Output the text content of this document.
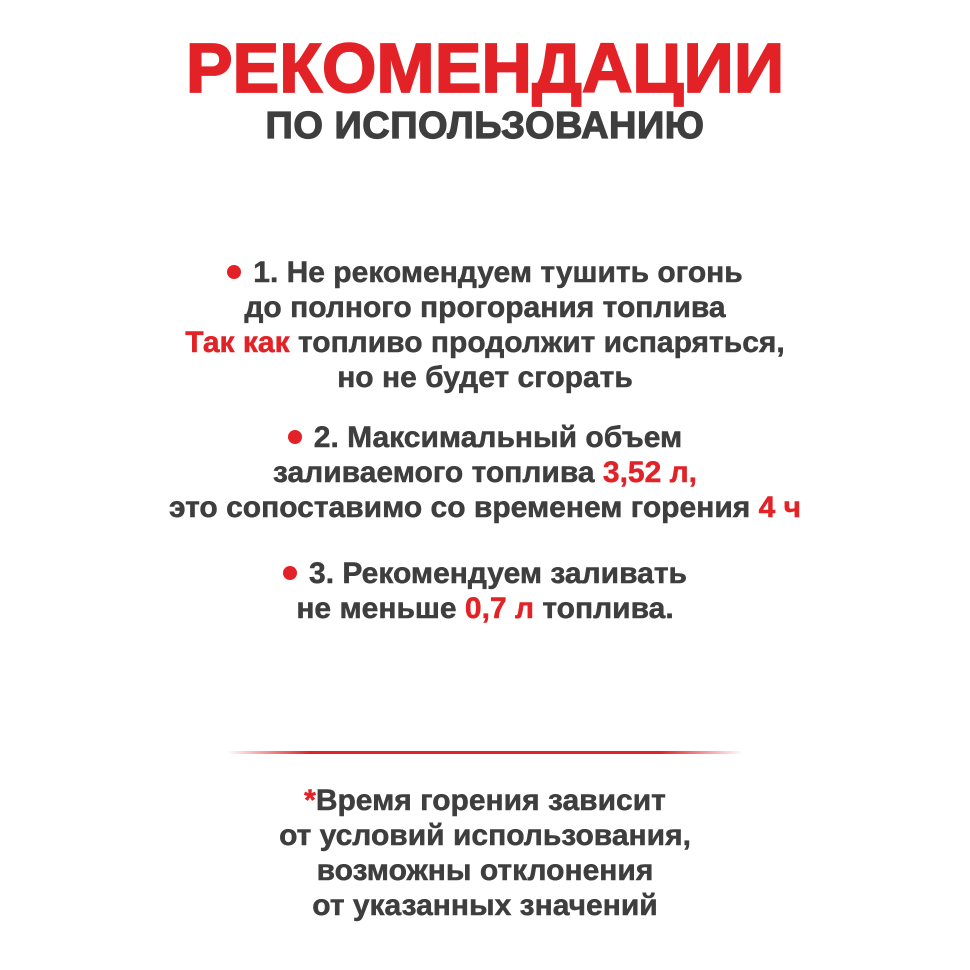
РЕКОМЕНДАЦИИ
ПО ИСПОЛЬЗОВАНИЮ

1. Не рекомендуем тушить огонь

до полного прогорания топлива

Так как топливо продолжит испаряться,

но не будет сгорать

2. Максимальный объем

заливаемого топлива 3,52 л,

это сопоставимо со временем горения 4 ч

3. Рекомендуем заливать

не меньше 0,7 л топлива.

*Время горения зависит

от условий использования,

возможны отклонения

от указанных значений
